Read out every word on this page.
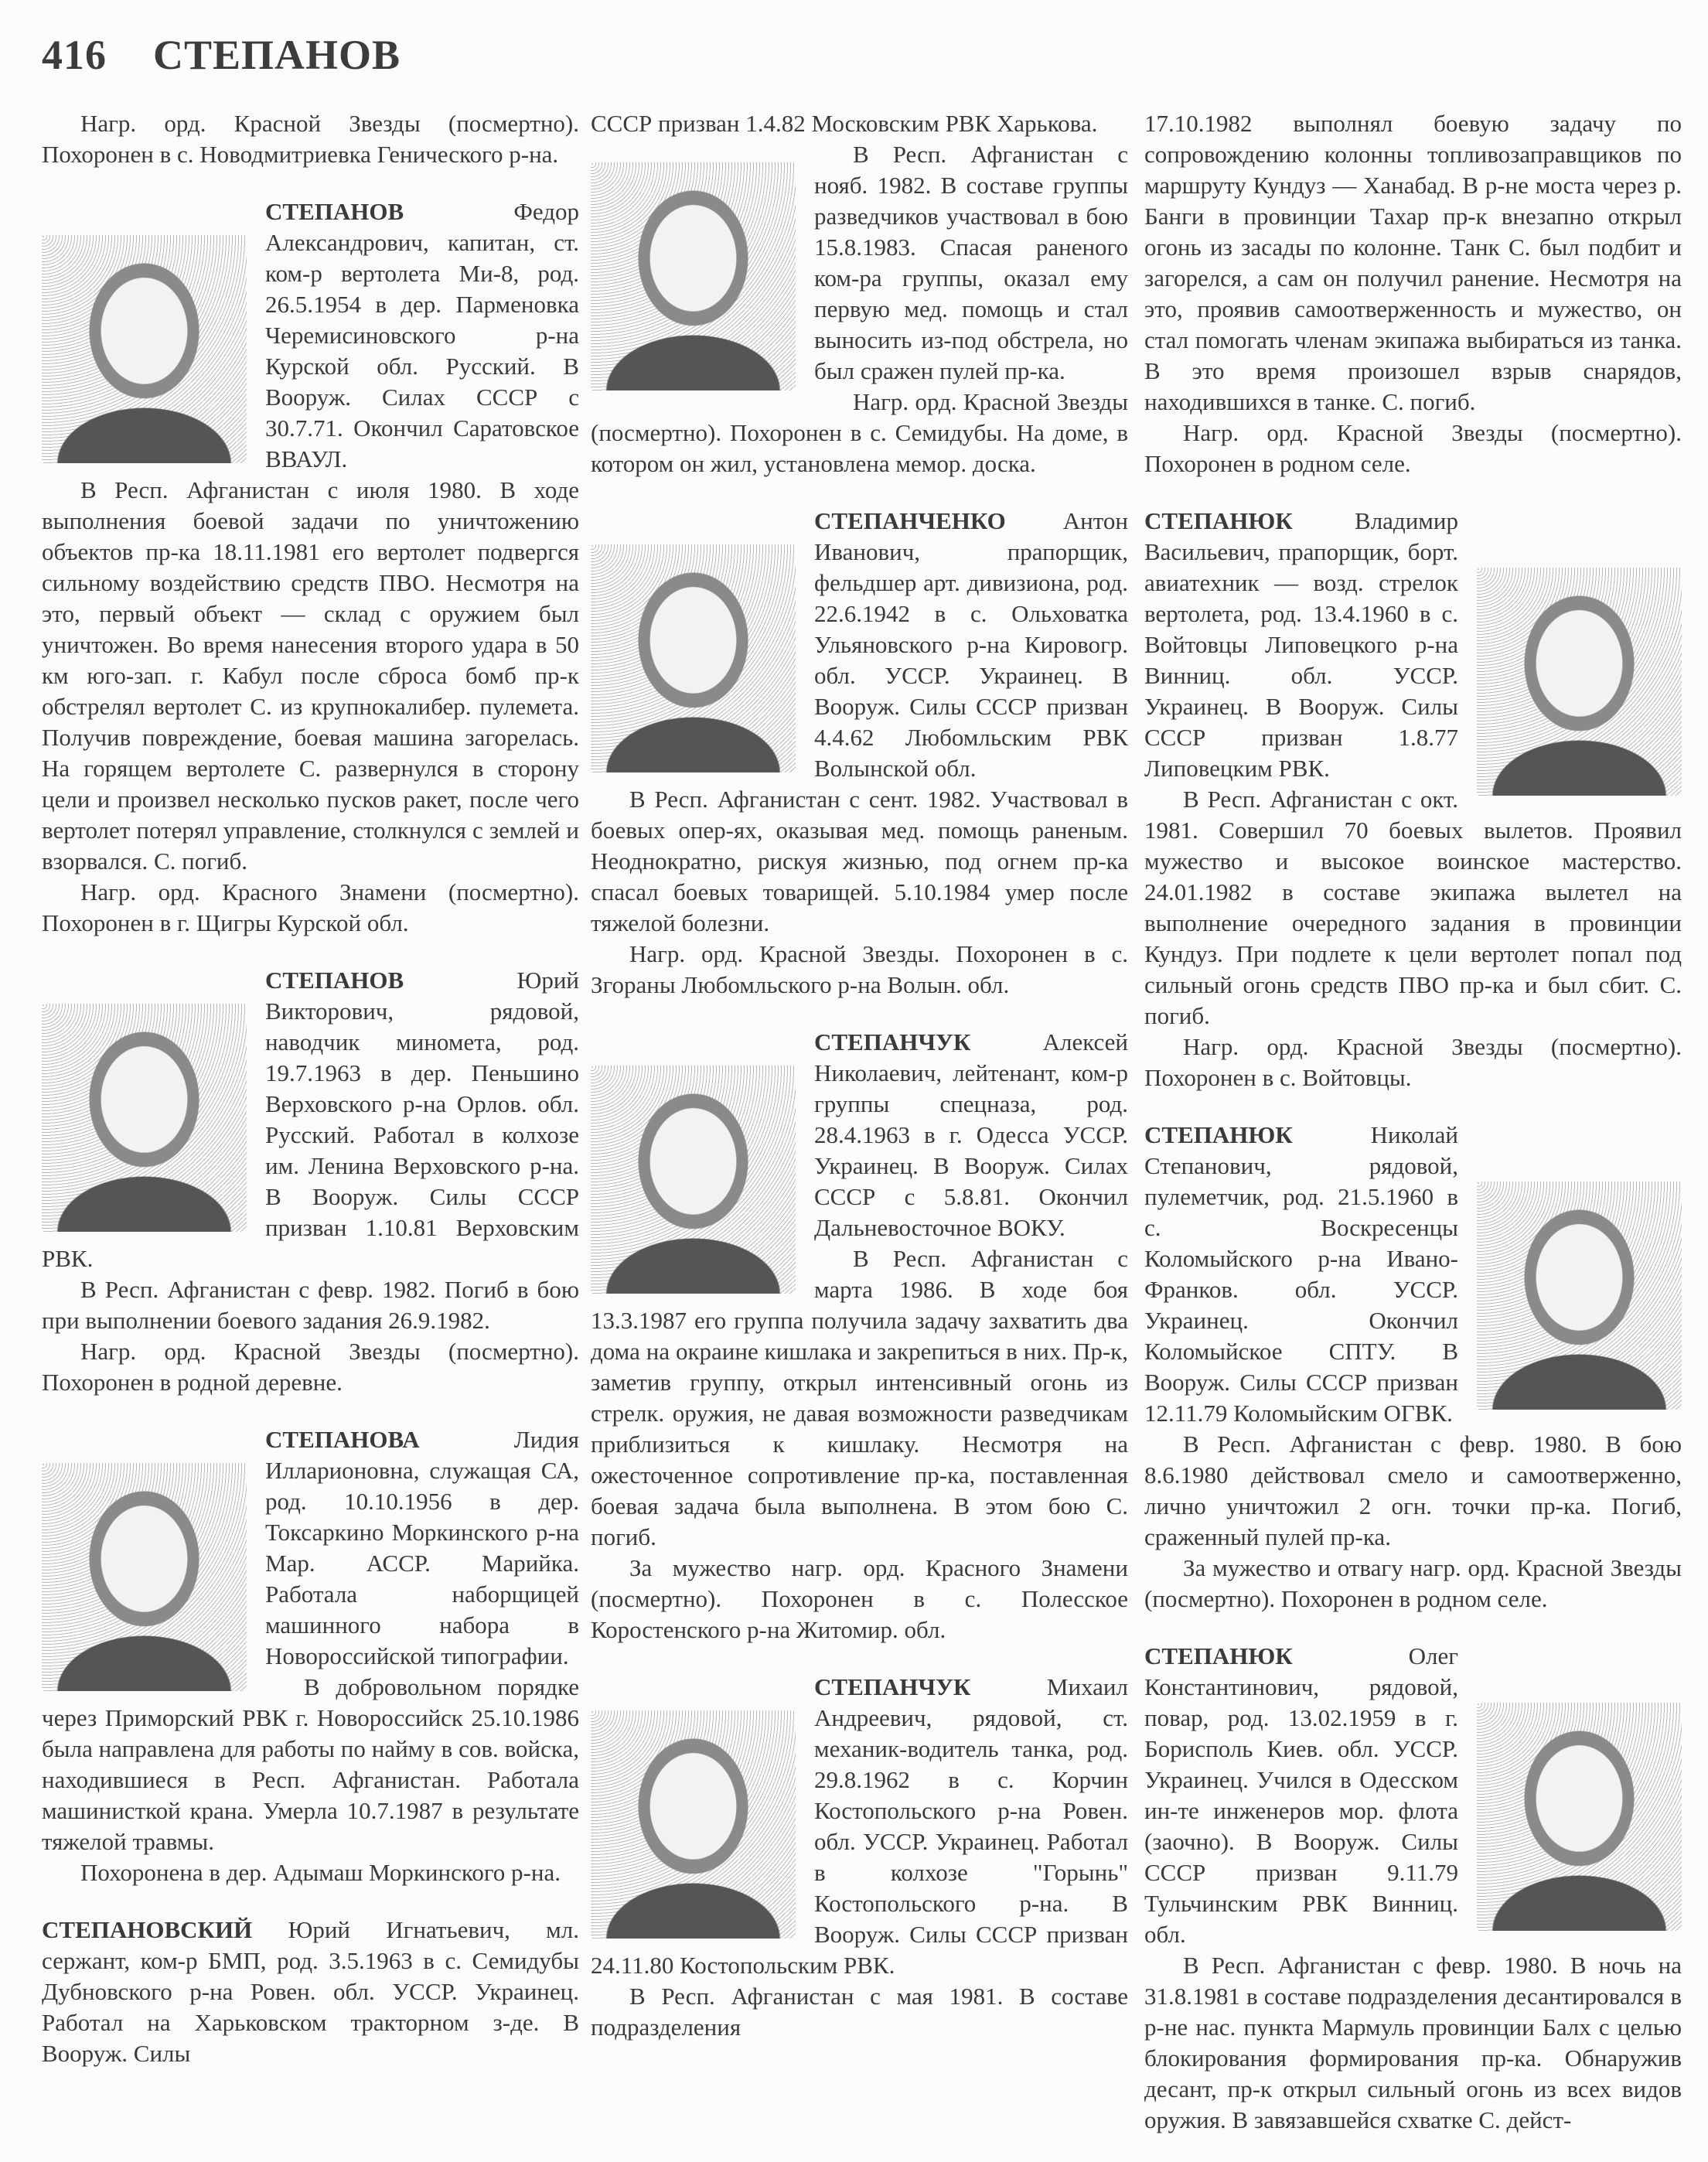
416 СТЕПАНОВ

Нагр. орд. Красной Звезды (посмертно). Похоронен в с. Новодмитриевка Генического р-на.

СТЕПАНОВ	Федор Александрович, капитан, ст. ком-р вертолета Ми-8, род. 26.5.1954 в дер. Парменовка Черемисиновского р-на Курской обл. Русский. В Вооруж. Силах СССР с 30.7.71. Окончил Саратовское ВВАУЛ.

В Респ. Афганистан с июля 1980. В ходе выполнения боевой задачи по уничтожению объектов пр-ка 18.11.1981 его вертолет подвергся сильному воздействию средств ПВО. Несмотря на это, первый объект — склад с оружием был уничтожен. Во время нанесения второго удара в 50 км юго-зап. г. Кабул после сброса бомб пр-к обстрелял вертолет С. из крупнокалибер. пулемета. Получив повреждение, боевая машина загорелась. На горящем вертолете С. развернулся в сторону цели и произвел несколько пусков ракет, после чего вертолет потерял управление, столкнулся с землей и взорвался. С. погиб.

Нагр. орд. Красного Знамени (посмертно). Похоронен в г. Щигры Курской обл.

СТЕПАНОВ	Юрий Викторович, рядовой, наводчик миномета, род. 19.7.1963 в дер. Пеньшино Верховского р-на Орлов. обл. Русский. Работал в колхозе им. Ленина Верховского р-на. В Вооруж. Силы СССР призван 1.10.81 Верховским РВК.

В Респ. Афганистан с февр. 1982. Погиб в бою при выполнении боевого задания 26.9.1982.

Нагр. орд. Красной Звезды (посмертно). Похоронен в родной деревне.

СТЕПАНОВА	Лидия Илларионовна, служащая СА, род. 10.10.1956 в дер. Токсаркино Моркинского р-на Мар. АССР. Марийка. Работала наборщицей машинного набора в Новороссийской типографии.

В добровольном порядке через Приморский РВК г. Новороссийск 25.10.1986 была направлена для работы по найму в сов. войска, находившиеся в Респ. Афганистан. Работала машинисткой крана. Умерла 10.7.1987 в результате тяжелой травмы.

Похоронена в дер. Адымаш Моркинского р-на.

СТЕПАНОВСКИЙ Юрий Игнатьевич, мл. сержант, ком-р БМП, род. 3.5.1963 в с. Семидубы Дубновского р-на Ровен. обл. УССР. Украинец. Работал на Харьковском тракторном з-де. В Вооруж. Силы

СССР призван 1.4.82 Московским РВК Харькова.

В Респ. Афганистан с нояб. 1982. В составе группы разведчиков участвовал в бою 15.8.1983. Спасая раненого ком-ра группы, оказал ему первую мед. помощь и стал выносить из-под обстрела, но был сражен пулей пр-ка.

Нагр. орд. Красной Звезды (посмертно). Похоронен в с. Семидубы. На доме, в котором он жил, установлена мемор. доска.

СТЕПАНЧЕНКО Антон Иванович, прапорщик, фельдшер арт. дивизиона, род. 22.6.1942 в с. Ольховатка Ульяновского р-на Кировогр. обл. УССР. Украинец. В Вооруж. Силы СССР призван 4.4.62 Любомльским РВК Волынской обл.

В Респ. Афганистан с сент. 1982. Участвовал в боевых опер-ях, оказывая мед. помощь раненым. Неоднократно, рискуя жизнью, под огнем пр-ка спасал боевых товарищей. 5.10.1984 умер после тяжелой болезни.

Нагр. орд. Красной Звезды. Похоронен в с. Згораны Любомльского р-на Волын. обл.

СТЕПАНЧУК	Алексей Николаевич, лейтенант, ком-р группы спецназа, род. 28.4.1963 в г. Одесса УССР. Украинец. В Вооруж. Силах СССР с 5.8.81. Окончил Дальневосточное ВОКУ.

В Респ. Афганистан с марта 1986. В ходе боя 13.3.1987 его группа получила задачу захватить два дома на окраине кишлака и закрепиться в них. Пр-к, заметив группу, открыл интенсивный огонь из стрелк. оружия, не давая возможности разведчикам приблизиться к кишлаку. Несмотря на ожесточенное сопротивление пр-ка, поставленная боевая задача была выполнена. В этом бою С. погиб.

За мужество нагр. орд. Красного Знамени (посмертно). Похоронен в с. Полесское Коростенского р-на Житомир. обл.

СТЕПАНЧУК	Михаил Андреевич, рядовой, ст. механик-водитель танка, род. 29.8.1962 в с. Корчин Костопольского р-на Ровен. обл. УССР. Украинец. Работал в колхозе "Горынь" Костопольского р-на. В Вооруж. Силы СССР призван 24.11.80 Костопольским РВК.

В Респ. Афганистан с мая 1981. В составе подразделения

17.10.1982 выполнял боевую задачу по сопровождению колонны топливозаправщиков по маршруту Кундуз — Ханабад. В р-не моста через р. Банги в провинции Тахар пр-к внезапно открыл огонь из засады по колонне. Танк С. был подбит и загорелся, а сам он получил ранение. Несмотря на это, проявив самоотверженность и мужество, он стал помогать членам экипажа выбираться из танка. В это время произошел взрыв снарядов, находившихся в танке. С. погиб.

Нагр. орд. Красной Звезды (посмертно). Похоронен в родном селе.

СТЕПАНЮК	Владимир Васильевич, прапорщик, борт. авиатехник — возд. стрелок вертолета, род. 13.4.1960 в с. Войтовцы Липовецкого р-на Винниц. обл. УССР. Украинец. В Вооруж. Силы СССР призван 1.8.77 Липовецким РВК.

В Респ. Афганистан с окт. 1981. Совершил 70 боевых вылетов. Проявил мужество и высокое воинское мастерство. 24.01.1982 в составе экипажа вылетел на выполнение очередного задания в провинции Кундуз. При подлете к цели вертолет попал под сильный огонь средств ПВО пр-ка и был сбит. С. погиб.

Нагр. орд. Красной Звезды (посмертно). Похоронен в с. Войтовцы.

СТЕПАНЮК	Николай Степанович, рядовой, пулеметчик, род. 21.5.1960 в с. Воскресенцы Коломыйского р-на Ивано-Франков. обл. УССР. Украинец. Окончил Коломыйское СПТУ. В Вооруж. Силы СССР призван 12.11.79 Коломыйским ОГВК.

В Респ. Афганистан с февр. 1980. В бою 8.6.1980 действовал смело и самоотверженно, лично уничтожил 2 огн. точки пр-ка. Погиб, сраженный пулей пр-ка.

За мужество и отвагу нагр. орд. Красной Звезды (посмертно). Похоронен в родном селе.

СТЕПАНЮК	Олег Константинович, рядовой, повар, род. 13.02.1959 в г. Борисполь Киев. обл. УССР. Украинец. Учился в Одесском ин-те инженеров мор. флота (заочно). В Вооруж. Силы СССР призван 9.11.79 Тульчинским РВК Винниц. обл.

В Респ. Афганистан с февр. 1980. В ночь на 31.8.1981 в составе подразделения десантировался в р-не нас. пункта Мармуль провинции Балх с целью блокирования формирования пр-ка. Обнаружив десант, пр-к открыл сильный огонь из всех видов оружия. В завязавшейся схватке С. дейст-
